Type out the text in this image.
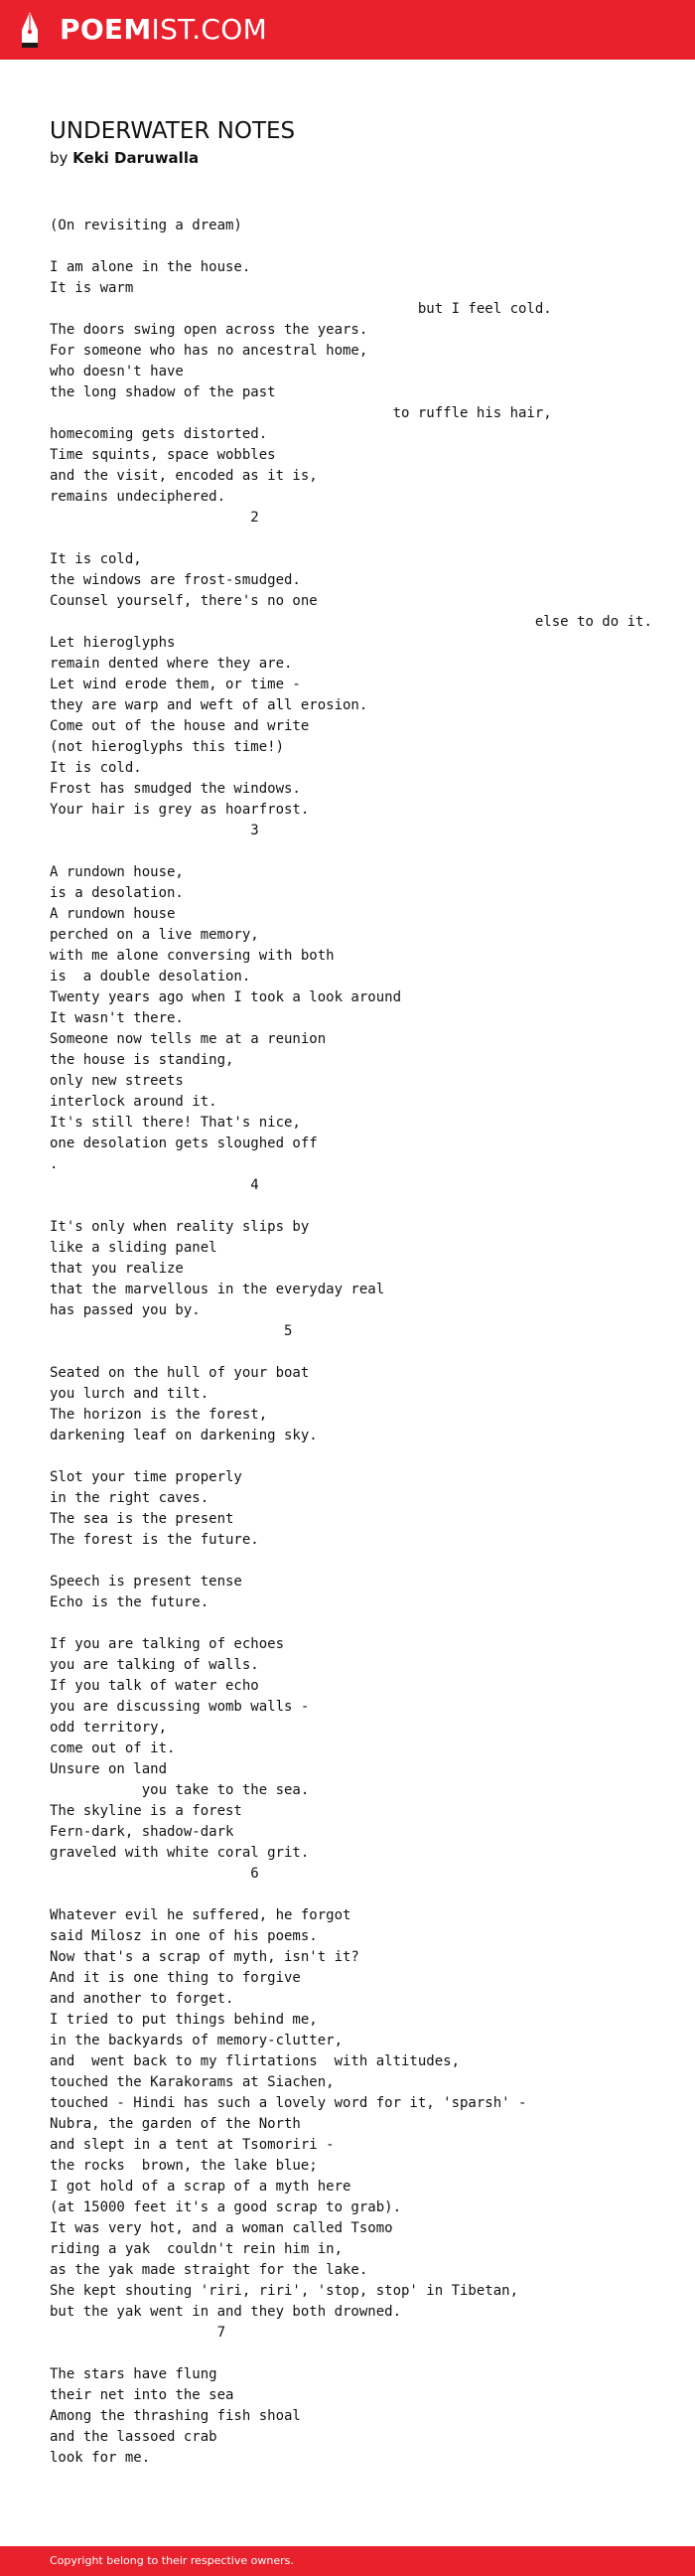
POEMIST.COM
UNDERWATER NOTES
by Keki Daruwalla
(On revisiting a dream)

I am alone in the house.
It is warm
but I feel cold.
The doors swing open across the years.
For someone who has no ancestral home,
who doesn't have
the long shadow of the past
to ruffle his hair,
homecoming gets distorted.
Time squints, space wobbles
and the visit, encoded as it is,
remains undeciphered.
2

It is cold,
the windows are frost-smudged.
Counsel yourself, there's no one
else to do it.
Let hieroglyphs
remain dented where they are.
Let wind erode them, or time -
they are warp and weft of all erosion.
Come out of the house and write
(not hieroglyphs this time!)
It is cold.
Frost has smudged the windows.
Your hair is grey as hoarfrost.
3

A rundown house,
is a desolation.
A rundown house
perched on a live memory,
with me alone conversing with both
is  a double desolation.
Twenty years ago when I took a look around
It wasn't there.
Someone now tells me at a reunion
the house is standing,
only new streets
interlock around it.
It's still there! That's nice,
one desolation gets sloughed off
.
4

It's only when reality slips by
like a sliding panel
that you realize
that the marvellous in the everyday real
has passed you by.
5

Seated on the hull of your boat
you lurch and tilt.
The horizon is the forest,
darkening leaf on darkening sky.

Slot your time properly
in the right caves.
The sea is the present
The forest is the future.

Speech is present tense
Echo is the future.

If you are talking of echoes
you are talking of walls.
If you talk of water echo
you are discussing womb walls -
odd territory,
come out of it.
Unsure on land
you take to the sea.
The skyline is a forest
Fern-dark, shadow-dark
graveled with white coral grit.
6

Whatever evil he suffered, he forgot
said Milosz in one of his poems.
Now that's a scrap of myth, isn't it?
And it is one thing to forgive
and another to forget.
I tried to put things behind me,
in the backyards of memory-clutter,
and  went back to my flirtations  with altitudes,
touched the Karakorams at Siachen,
touched - Hindi has such a lovely word for it, 'sparsh' -
Nubra, the garden of the North
and slept in a tent at Tsomoriri -
the rocks  brown, the lake blue;
I got hold of a scrap of a myth here
(at 15000 feet it's a good scrap to grab).
It was very hot, and a woman called Tsomo
riding a yak  couldn't rein him in,
as the yak made straight for the lake.
She kept shouting 'riri, riri', 'stop, stop' in Tibetan,
but the yak went in and they both drowned.
7

The stars have flung
their net into the sea
Among the thrashing fish shoal
and the lassoed crab
look for me.
Copyright belong to their respective owners.
